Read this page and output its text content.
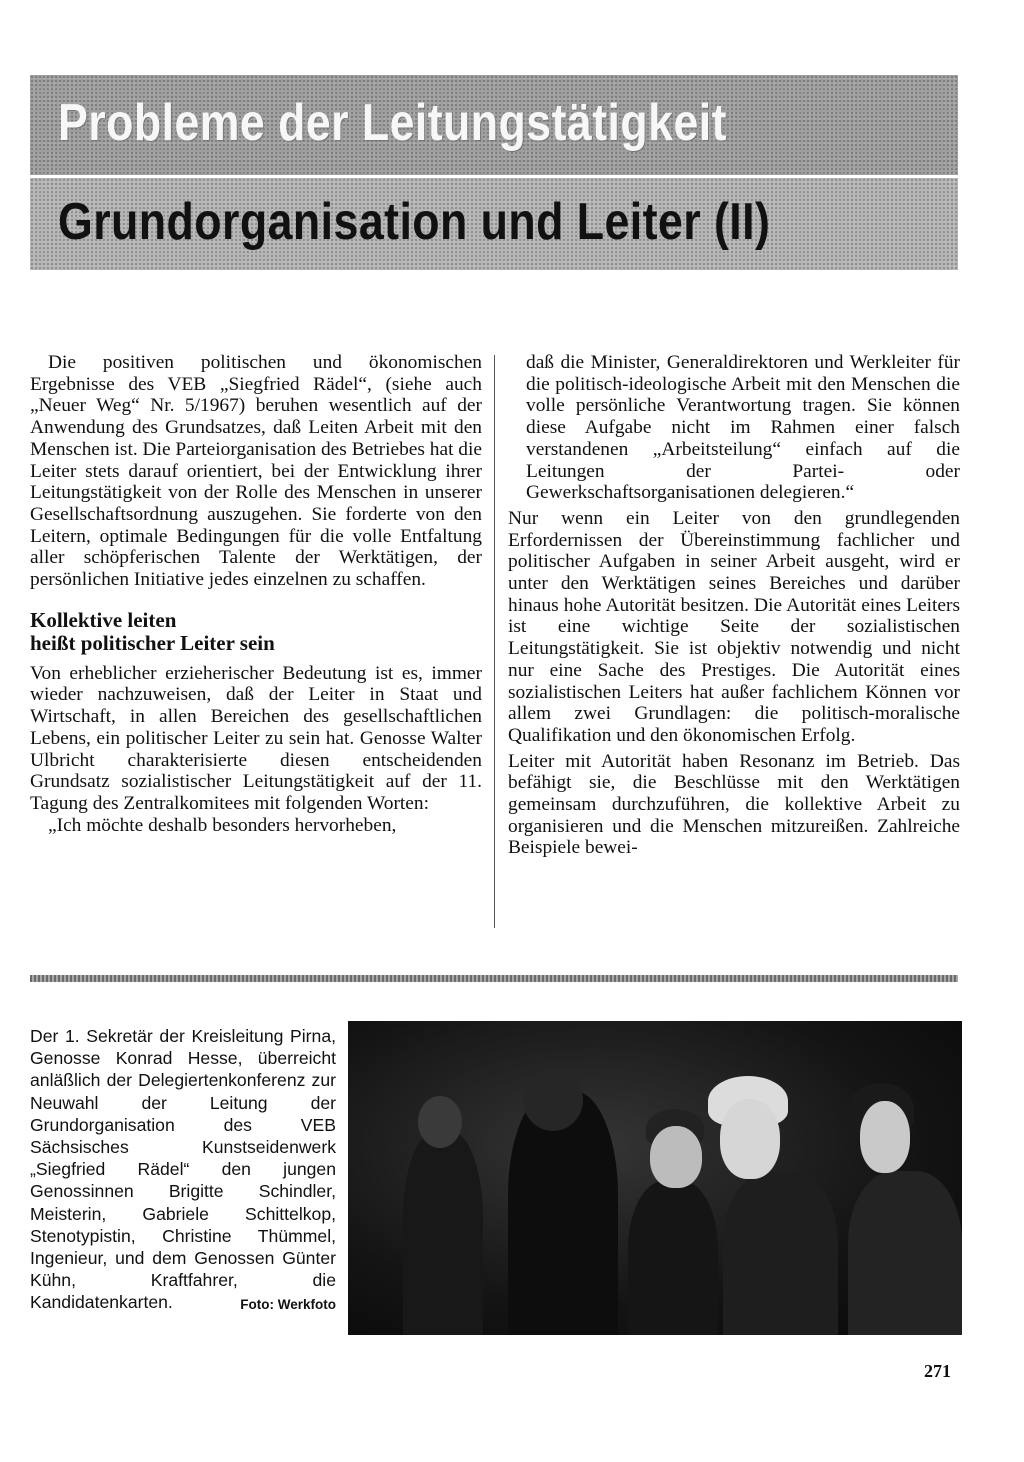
Probleme der Leitungstätigkeit
Grundorganisation und Leiter (II)

Die positiven politischen und ökonomischen Ergebnisse des VEB „Siegfried Rädel“, (siehe auch „Neuer Weg“ Nr. 5/1967) beruhen wesentlich auf der Anwendung des Grundsatzes, daß Leiten Arbeit mit den Menschen ist. Die Parteiorganisation des Betriebes hat die Leiter stets darauf orientiert, bei der Entwicklung ihrer Leitungstätigkeit von der Rolle des Menschen in unserer Gesellschaftsordnung auszugehen. Sie forderte von den Leitern, optimale Bedingungen für die volle Entfaltung aller schöpferischen Talente der Werktätigen, der persönlichen Initiative jedes einzelnen zu schaffen.

Kollektive leiten
heißt politischer Leiter sein

Von erheblicher erzieherischer Bedeutung ist es, immer wieder nachzuweisen, daß der Leiter in Staat und Wirtschaft, in allen Bereichen des gesellschaftlichen Lebens, ein politischer Leiter zu sein hat. Genosse Walter Ulbricht charakterisierte diesen entscheidenden Grundsatz sozialistischer Leitungstätigkeit auf der 11. Tagung des Zentralkomitees mit folgenden Worten:

„Ich möchte deshalb besonders hervorheben,

daß die Minister, Generaldirektoren und Werkleiter für die politisch-ideologische Arbeit mit den Menschen die volle persönliche Verantwortung tragen. Sie können diese Aufgabe nicht im Rahmen einer falsch verstandenen „Arbeitsteilung“ einfach auf die Leitungen der Partei- oder Gewerkschaftsorganisationen delegieren.“

Nur wenn ein Leiter von den grundlegenden Erfordernissen der Übereinstimmung fachlicher und politischer Aufgaben in seiner Arbeit ausgeht, wird er unter den Werktätigen seines Bereiches und darüber hinaus hohe Autorität besitzen. Die Autorität eines Leiters ist eine wichtige Seite der sozialistischen Leitungstätigkeit. Sie ist objektiv notwendig und nicht nur eine Sache des Prestiges. Die Autorität eines sozialistischen Leiters hat außer fachlichem Können vor allem zwei Grundlagen: die politisch-moralische Qualifikation und den ökonomischen Erfolg.

Leiter mit Autorität haben Resonanz im Betrieb. Das befähigt sie, die Beschlüsse mit den Werktätigen gemeinsam durchzuführen, die kollektive Arbeit zu organisieren und die Menschen mitzureißen. Zahlreiche Beispiele bewei-

Der 1. Sekretär der Kreisleitung Pirna, Genosse Konrad Hesse, überreicht anläßlich der Delegiertenkonferenz zur Neuwahl der Leitung der Grundorganisation des VEB Sächsisches Kunstseidenwerk „Siegfried Rädel“ den jungen Genossinnen Brigitte Schindler, Meisterin, Gabriele Schittelkop, Stenotypistin, Christine Thümmel, Ingenieur, und dem Genossen Günter Kühn, Kraftfahrer, die Kandidatenkarten.	Foto: Werkfoto
271
